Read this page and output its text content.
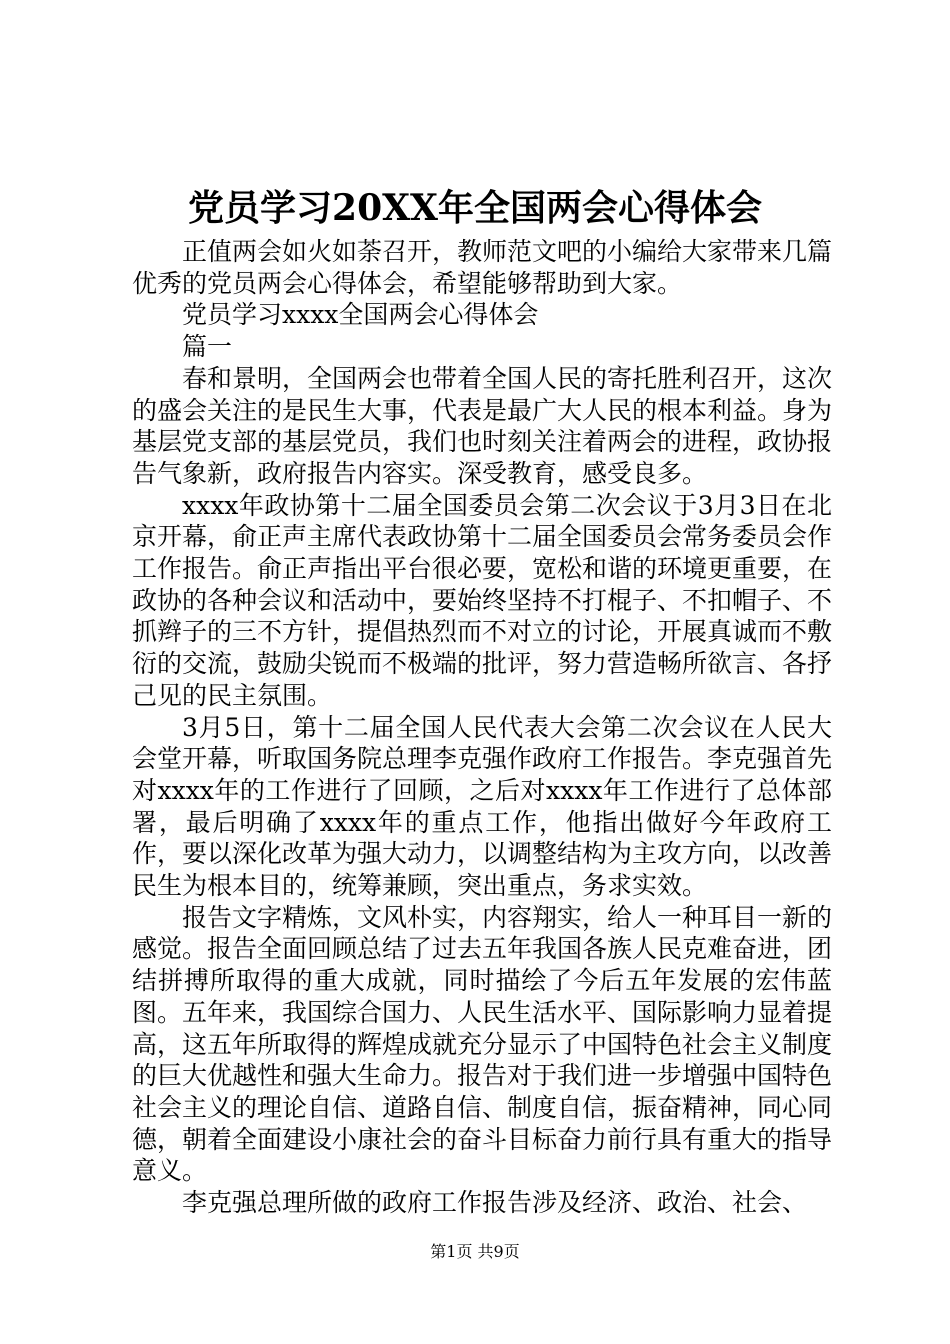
党员学习20XX年全国两会心得体会

正值两会如火如荼召开，教师范文吧的小编给大家带来几篇优秀的党员两会心得体会，希望能够帮助到大家。

党员学习xxxx全国两会心得体会

篇一

春和景明，全国两会也带着全国人民的寄托胜利召开，这次的盛会关注的是民生大事，代表是最广大人民的根本利益。身为基层党支部的基层党员，我们也时刻关注着两会的进程，政协报告气象新，政府报告内容实。深受教育，感受良多。

xxxx年政协第十二届全国委员会第二次会议于3月3日在北京开幕，俞正声主席代表政协第十二届全国委员会常务委员会作工作报告。俞正声指出平台很必要，宽松和谐的环境更重要，在政协的各种会议和活动中，要始终坚持不打棍子、不扣帽子、不抓辫子的三不方针，提倡热烈而不对立的讨论，开展真诚而不敷衍的交流，鼓励尖锐而不极端的批评，努力营造畅所欲言、各抒己见的民主氛围。

3月5日，第十二届全国人民代表大会第二次会议在人民大会堂开幕，听取国务院总理李克强作政府工作报告。李克强首先对xxxx年的工作进行了回顾，之后对xxxx年工作进行了总体部署，最后明确了xxxx年的重点工作，他指出做好今年政府工作，要以深化改革为强大动力，以调整结构为主攻方向，以改善民生为根本目的，统筹兼顾，突出重点，务求实效。

报告文字精炼，文风朴实，内容翔实，给人一种耳目一新的感觉。报告全面回顾总结了过去五年我国各族人民克难奋进，团结拼搏所取得的重大成就，同时描绘了今后五年发展的宏伟蓝图。五年来，我国综合国力、人民生活水平、国际影响力显着提高，这五年所取得的辉煌成就充分显示了中国特色社会主义制度的巨大优越性和强大生命力。报告对于我们进一步增强中国特色社会主义的理论自信、道路自信、制度自信，振奋精神，同心同德，朝着全面建设小康社会的奋斗目标奋力前行具有重大的指导意义。

李克强总理所做的政府工作报告涉及经济、政治、社会、

第1页 共9页
